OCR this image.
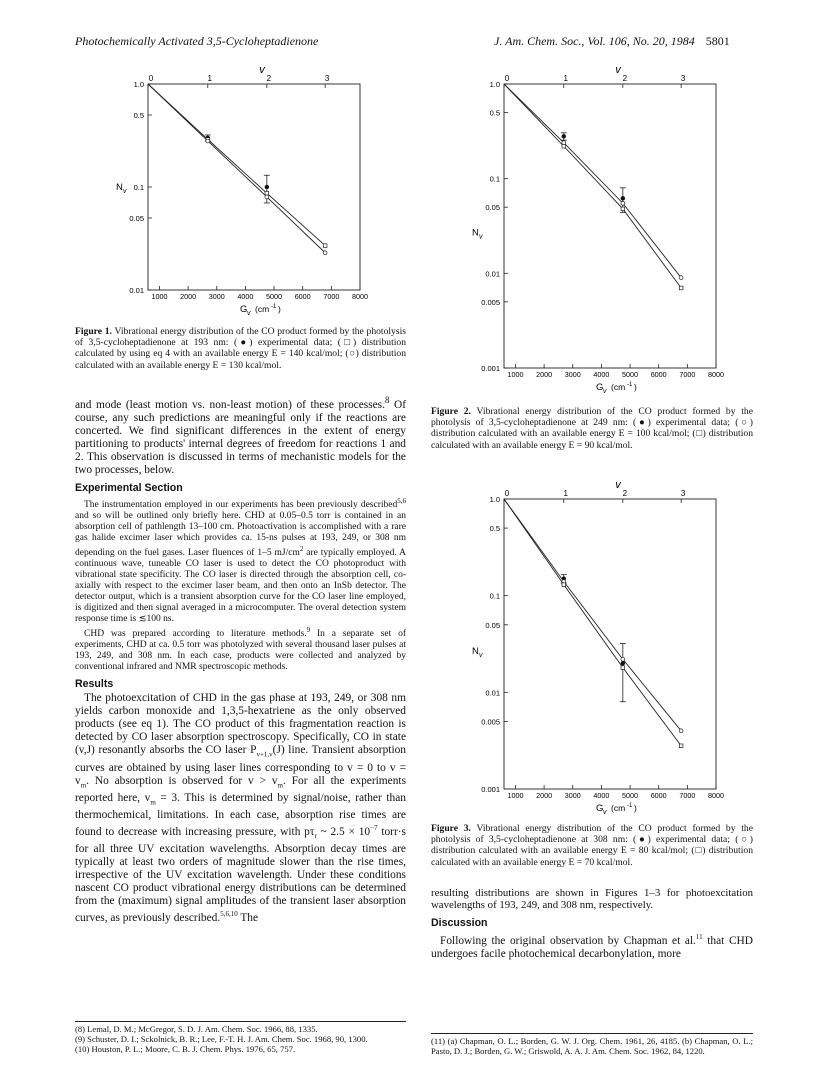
Photochemically Activated 3,5-Cycloheptadienone	J. Am. Chem. Soc., Vol. 106, No. 20, 1984 5801
v
0	1	2	3
1.0
0.5
0.1
0.05
0.01
1000 2000 3000 4000 5000 6000 7000 8000
N v
G v (cm -1 )
Figure 1. Vibrational energy distribution of the CO product formed by the photolysis of 3,5-cycloheptadienone at 193 nm: (●) experimental data; (□) distribution calculated by using eq 4 with an available energy E = 140 kcal/mol; (○) distribution calculated with an available energy E = 130 kcal/mol.
v
0	1	2	3
1.0
0.5
0.1
0.05
0.01
0.005
0.001
1000 2000 3000 4000 5000 6000 7000 8000
N v
G v (cm -1 )
Figure 2. Vibrational energy distribution of the CO product formed by the photolysis of 3,5-cycloheptadienone at 249 nm: (●) experimental data; (○) distribution calculated with an available energy E = 100 kcal/mol; (□) distribution calculated with an available energy E = 90 kcal/mol.
v
0	1	2	3
1.0
0.5
0.1
0.05
0.01
0.005
0.001
1000 2000 3000 4000 5000 6000 7000 8000
N v
G v (cm -1 )
Figure 3. Vibrational energy distribution of the CO product formed by the photolysis of 3,5-cycloheptadienone at 308 nm: (●) experimental data; (○) distribution calculated with an available energy E = 80 kcal/mol; (□) distribution calculated with an available energy E = 70 kcal/mol.

and mode (least motion vs. non-least motion) of these processes.$^8$ Of course, any such predictions are meaningful only if the reactions are concerted. We find significant differences in the extent of energy partitioning to products' internal degrees of freedom for reactions 1 and 2. This observation is discussed in terms of mechanistic models for the two processes, below.

Experimental Section

The instrumentation employed in our experiments has been previously described$^{5,6}$ and so will be outlined only briefly here. CHD at 0.05–0.5 torr is contained in an absorption cell of pathlength 13–100 cm. Photoactivation is accomplished with a rare gas halide excimer laser which provides ca. 15-ns pulses at 193, 249, or 308 nm depending on the fuel gases. Laser fluences of 1–5 $mJ/cm^2$ are typically employed. A continuous wave, tuneable CO laser is used to detect the CO photoproduct with vibrational state specificity. The CO laser is directed through the absorption cell, co-axially with respect to the excimer laser beam, and then onto an InSb detector. The detector output, which is a transient absorption curve for the CO laser line employed, is digitized and then signal averaged in a microcomputer. The overal detection system response time is ≲100 ns.

CHD was prepared according to literature methods.$^9$ In a separate set of experiments, CHD at ca. 0.5 torr was photolyzed with several thousand laser pulses at 193, 249, and 308 nm. In each case, products were collected and analyzed by conventional infrared and NMR spectroscopic methods.

Results

The photoexcitation of CHD in the gas phase at 193, 249, or 308 nm yields carbon monoxide and 1,3,5-hexatriene as the only observed products (see eq 1). The CO product of this fragmentation reaction is detected by CO laser absorption spectroscopy. Specifically, CO in state (v,J) resonantly absorbs the CO laser $P_{v+1,v}(J)$ line. Transient absorption curves are obtained by using laser lines corresponding to v = 0 to $v = v_m$. No absorption is observed for $v > v_m$. For all the experiments reported here, $v_m = 3$. This is determined by signal/noise, rather than thermochemical, limitations. In each case, absorption rise times are found to decrease with increasing pressure, with $p\tau_r$ ~ $2.5 \times 10^{-7}$ torr·s for all three UV excitation wavelengths. Absorption decay times are typically at least two orders of magnitude slower than the rise times, irrespective of the UV excitation wavelength. Under these conditions nascent CO product vibrational energy distributions can be determined from the (maximum) signal amplitudes of the transient laser absorption curves, as previously described.$^{5,6,10}$ The

resulting distributions are shown in Figures 1–3 for photoexcitation wavelengths of 193, 249, and 308 nm, respectively.

Discussion

Following the original observation by Chapman et al.$^{11}$ that CHD undergoes facile photochemical decarbonylation, more

(8) Lemal, D. M.; McGregor, S. D. J. Am. Chem. Soc. 1966, 88, 1335.
(9) Schuster, D. I.; Sckolnick, B. R.; Lee, F.-T. H. J. Am. Chem. Soc. 1968, 90, 1300.
(10) Houston, P. L.; Moore, C. B. J. Chem. Phys. 1976, 65, 757.
(11) (a) Chapman, O. L.; Borden, G. W. J. Org. Chem. 1961, 26, 4185. (b) Chapman, O. L.; Pasto, D. J.; Borden, G. W.; Griswold, A. A. J. Am. Chem. Soc. 1962, 84, 1220.
